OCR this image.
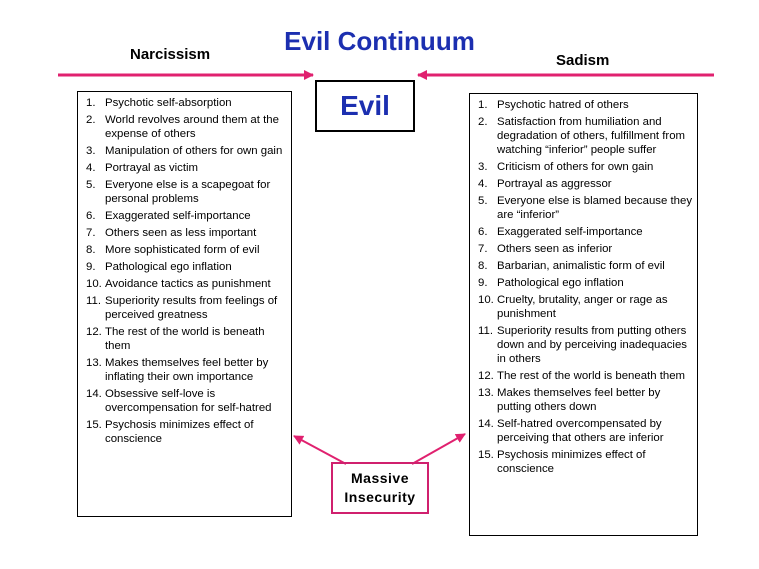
Evil Continuum
Narcissism	Sadism
Evil
1. Psychotic self-absorption
2. World revolves around them at the expense of others
3. Manipulation of others for own gain
4. Portrayal as victim
5. Everyone else is a scapegoat for personal problems
6. Exaggerated self-importance
7. Others seen as less important
8. More sophisticated form of evil
9. Pathological ego inflation
10. Avoidance tactics as punishment
11. Superiority results from feelings of perceived greatness
12. The rest of the world is beneath them
13. Makes themselves feel better by inflating their own importance
14. Obsessive self-love is overcompensation for self-hatred
15. Psychosis minimizes effect of conscience
1. Psychotic hatred of others
2. Satisfaction from humiliation and degradation of others, fulfillment from watching “inferior” people suffer
3. Criticism of others for own gain
4. Portrayal as aggressor
5. Everyone else is blamed because they are “inferior”
6. Exaggerated self-importance
7. Others seen as inferior
8. Barbarian, animalistic form of evil
9. Pathological ego inflation
10. Cruelty, brutality, anger or rage as punishment
11. Superiority results from putting others down and by perceiving inadequacies in others
12. The rest of the world is beneath them
13. Makes themselves feel better by putting others down
14. Self-hatred overcompensated by perceiving that others are inferior
15. Psychosis minimizes effect of conscience
Massive Insecurity
